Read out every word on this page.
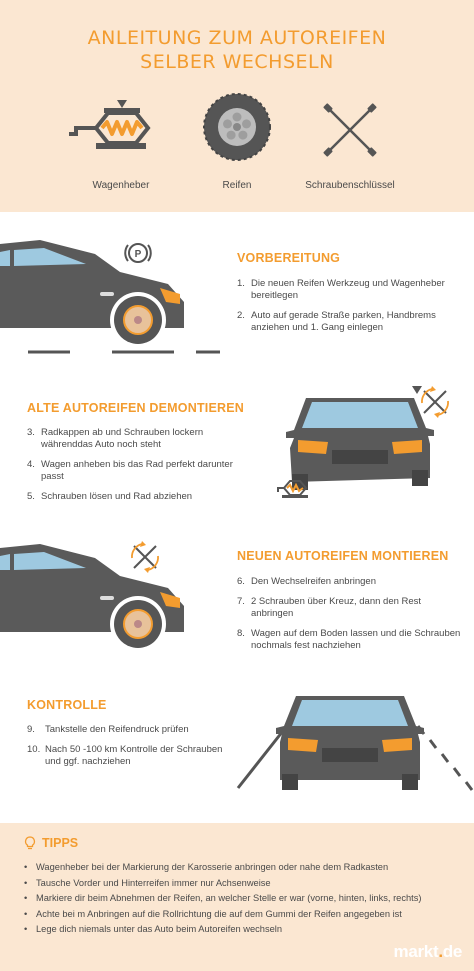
ANLEITUNG ZUM AUTOREIFEN
SELBER WECHSELN
Wagenheber	Reifen	Schraubenschlüssel
P	VORBEREITUNG
1. Die neuen Reifen Werkzeug und Wagenheber bereitlegen
2. Auto auf gerade Straße parken, Handbrems anziehen und 1. Gang einlegen
ALTE AUTOREIFEN DEMONTIEREN
3. Radkappen ab und Schrauben lockern währenddas Auto noch steht
4. Wagen anheben bis das Rad perfekt darunter passt
5. Schrauben lösen und Rad abziehen
NEUEN AUTOREIFEN MONTIEREN
6. Den Wechselreifen anbringen
7. 2 Schrauben über Kreuz, dann den Rest anbringen
8. Wagen auf dem Boden lassen und die Schrauben nochmals fest nachziehen
KONTROLLE
9.	Tankstelle den Reifendruck prüfen
10. Nach 50 -100 km Kontrolle der Schrauben und ggf. nachziehen
TIPPS
• Wagenheber bei der Markierung der Karosserie anbringen oder nahe dem Radkasten
• Tausche Vorder und Hinterreifen immer nur Achsenweise
• Markiere dir beim Abnehmen der Reifen, an welcher Stelle er war (vorne, hinten, links, rechts)
• Achte bei m Anbringen auf die Rollrichtung die auf dem Gummi der Reifen angegeben ist
• Lege dich niemals unter das Auto beim Autoreifen wechseln
markt.de
